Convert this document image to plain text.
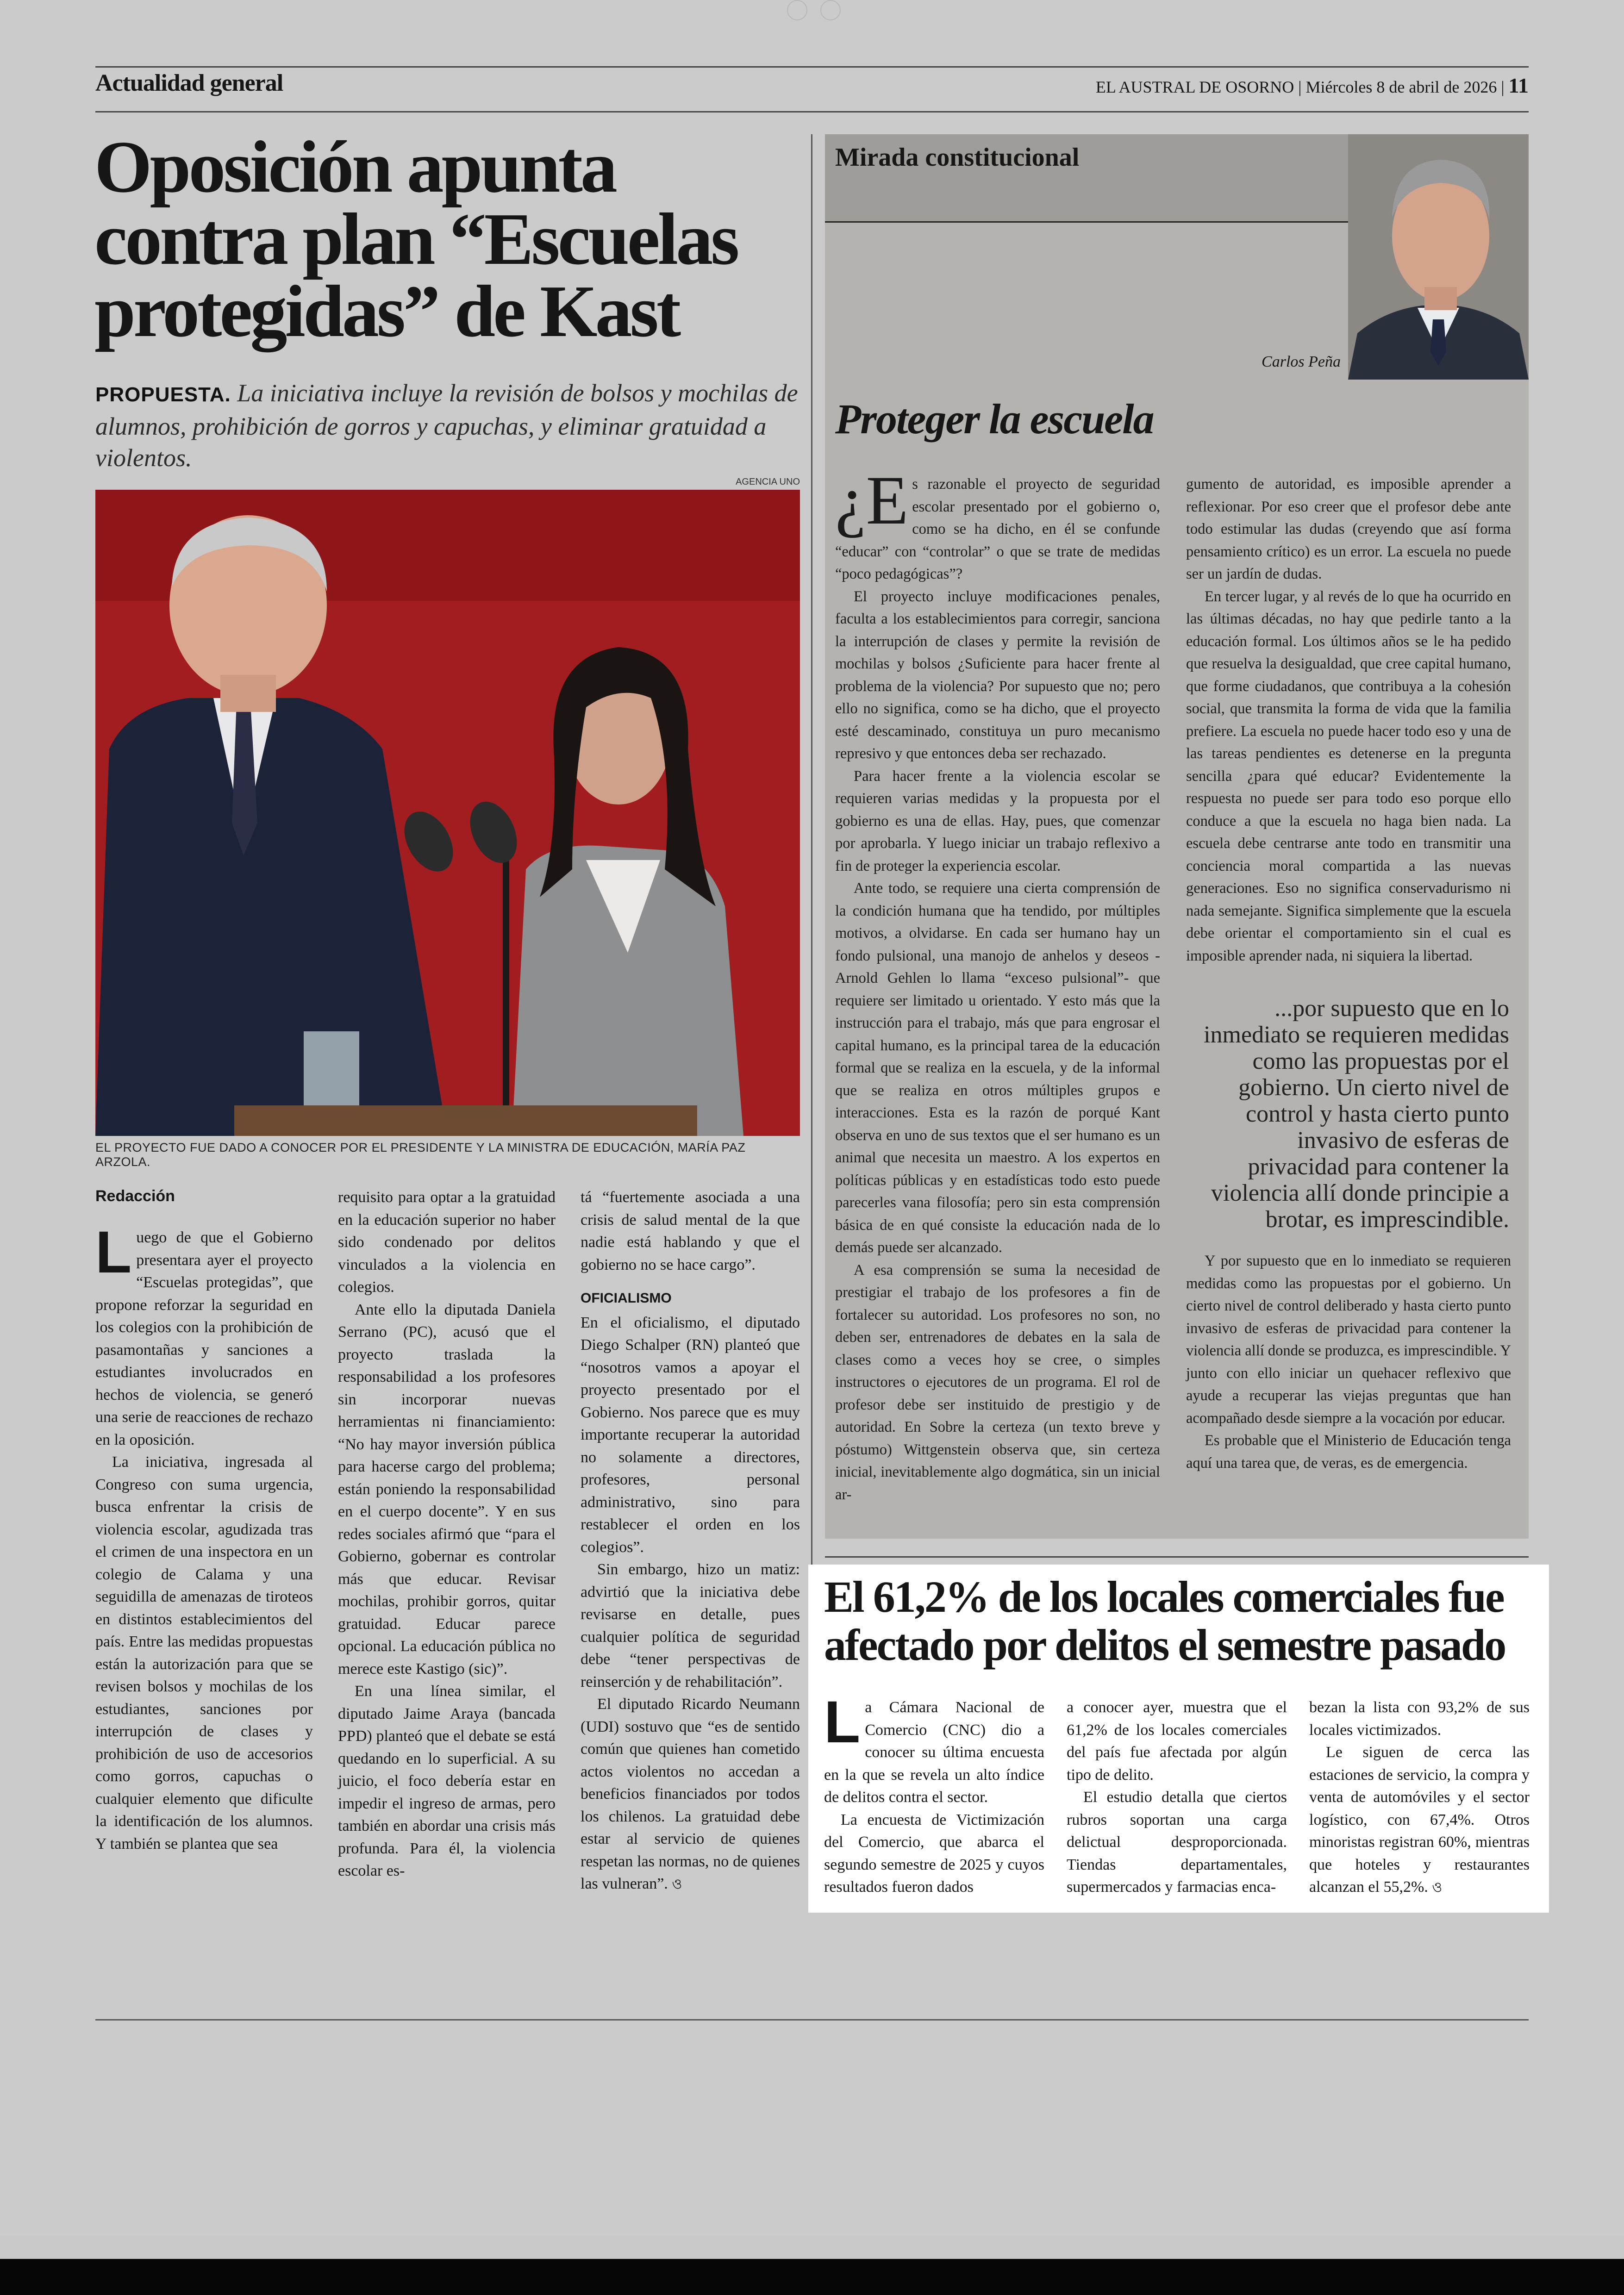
Actualidad general	EL AUSTRAL DE OSORNO | Miércoles 8 de abril de 2026 | 11
Oposición apunta contra plan “Escuelas protegidas” de Kast
PROPUESTA. La iniciativa incluye la revisión de bolsos y mochilas de alumnos, prohibición de gorros y capuchas, y eliminar gratuidad a violentos.
AGENCIA UNO
EL PROYECTO FUE DADO A CONOCER POR EL PRESIDENTE Y LA MINISTRA DE EDUCACIÓN, MARÍA PAZ ARZOLA.
Redacción

Luego de que el Gobierno presentara ayer el proyecto “Escuelas protegidas”, que propone reforzar la seguridad en los colegios con la prohibición de pasamontañas y sanciones a estudiantes involucrados en hechos de violencia, se generó una serie de reacciones de rechazo en la oposición.

La iniciativa, ingresada al Congreso con suma urgencia, busca enfrentar la crisis de violencia escolar, agudizada tras el crimen de una inspectora en un colegio de Calama y una seguidilla de amenazas de tiroteos en distintos establecimientos del país. Entre las medidas propuestas están la autorización para que se revisen bolsos y mochilas de los estudiantes, sanciones por interrupción de clases y prohibición de uso de accesorios como gorros, capuchas o cualquier elemento que dificulte la identificación de los alumnos. Y también se plantea que sea

requisito para optar a la gratuidad en la educación superior no haber sido condenado por delitos vinculados a la violencia en colegios.

Ante ello la diputada Daniela Serrano (PC), acusó que el proyecto traslada la responsabilidad a los profesores sin incorporar nuevas herramientas ni financiamiento: “No hay mayor inversión pública para hacerse cargo del problema; están poniendo la responsabilidad en el cuerpo docente”. Y en sus redes sociales afirmó que “para el Gobierno, gobernar es controlar más que educar. Revisar mochilas, prohibir gorros, quitar gratuidad. Educar parece opcional. La educación pública no merece este Kastigo (sic)”.

En una línea similar, el diputado Jaime Araya (bancada PPD) planteó que el debate se está quedando en lo superficial. A su juicio, el foco debería estar en impedir el ingreso de armas, pero también en abordar una crisis más profunda. Para él, la violencia escolar es-

tá “fuertemente asociada a una crisis de salud mental de la que nadie está hablando y que el gobierno no se hace cargo”.

OFICIALISMO

En el oficialismo, el diputado Diego Schalper (RN) planteó que “nosotros vamos a apoyar el proyecto presentado por el Gobierno. Nos parece que es muy importante recuperar la autoridad no solamente a directores, profesores, personal administrativo, sino para restablecer el orden en los colegios”.

Sin embargo, hizo un matiz: advirtió que la iniciativa debe revisarse en detalle, pues cualquier política de seguridad debe “tener perspectivas de reinserción y de rehabilitación”.

El diputado Ricardo Neumann (UDI) sostuvo que “es de sentido común que quienes han cometido actos violentos no accedan a beneficios financiados por todos los chilenos. La gratuidad debe estar al servicio de quienes respetan las normas, no de quienes las vulneran”. ও

Mirada constitucional
Carlos Peña
Proteger la escuela

¿E s razonable el proyecto de seguridad escolar presentado por el gobierno o, como se ha dicho, en él se confunde “educar” con “controlar” o que se trate de medidas “poco pedagógicas”?

El proyecto incluye modificaciones penales, faculta a los establecimientos para corregir, sanciona la interrupción de clases y permite la revisión de mochilas y bolsos ¿Suficiente para hacer frente al problema de la violencia? Por supuesto que no; pero ello no significa, como se ha dicho, que el proyecto esté descaminado, constituya un puro mecanismo represivo y que entonces deba ser rechazado.

Para hacer frente a la violencia escolar se requieren varias medidas y la propuesta por el gobierno es una de ellas. Hay, pues, que comenzar por aprobarla. Y luego iniciar un trabajo reflexivo a fin de proteger la experiencia escolar.

Ante todo, se requiere una cierta comprensión de la condición humana que ha tendido, por múltiples motivos, a olvidarse. En cada ser humano hay un fondo pulsional, una manojo de anhelos y deseos -Arnold Gehlen lo llama “exceso pulsional”- que requiere ser limitado u orientado. Y esto más que la instrucción para el trabajo, más que para engrosar el capital humano, es la principal tarea de la educación formal que se realiza en la escuela, y de la informal que se realiza en otros múltiples grupos e interacciones. Esta es la razón de porqué Kant observa en uno de sus textos que el ser humano es un animal que necesita un maestro. A los expertos en políticas públicas y en estadísticas todo esto puede parecerles vana filosofía; pero sin esta comprensión básica de en qué consiste la educación nada de lo demás puede ser alcanzado.

A esa comprensión se suma la necesidad de prestigiar el trabajo de los profesores a fin de fortalecer su autoridad. Los profesores no son, no deben ser, entrenadores de debates en la sala de clases como a veces hoy se cree, o simples instructores o ejecutores de un programa. El rol de profesor debe ser instituido de prestigio y de autoridad. En Sobre la certeza (un texto breve y póstumo) Wittgenstein observa que, sin certeza inicial, inevitablemente algo dogmática, sin un inicial ar-

gumento de autoridad, es imposible aprender a reflexionar. Por eso creer que el profesor debe ante todo estimular las dudas (creyendo que así forma pensamiento crítico) es un error. La escuela no puede ser un jardín de dudas.

En tercer lugar, y al revés de lo que ha ocurrido en las últimas décadas, no hay que pedirle tanto a la educación formal. Los últimos años se le ha pedido que resuelva la desigualdad, que cree capital humano, que forme ciudadanos, que contribuya a la cohesión social, que transmita la forma de vida que la familia prefiere. La escuela no puede hacer todo eso y una de las tareas pendientes es detenerse en la pregunta sencilla ¿para qué educar? Evidentemente la respuesta no puede ser para todo eso porque ello conduce a que la escuela no haga bien nada. La escuela debe centrarse ante todo en transmitir una conciencia moral compartida a las nuevas generaciones. Eso no significa conservadurismo ni nada semejante. Significa simplemente que la escuela debe orientar el comportamiento sin el cual es imposible aprender nada, ni siquiera la libertad.

...por supuesto que en lo inmediato se requieren medidas como las propuestas por el gobierno. Un cierto nivel de control y hasta cierto punto invasivo de esferas de privacidad para contener la violencia allí donde principie a brotar, es imprescindible.

Y por supuesto que en lo inmediato se requieren medidas como las propuestas por el gobierno. Un cierto nivel de control deliberado y hasta cierto punto invasivo de esferas de privacidad para contener la violencia allí donde se produzca, es imprescindible. Y junto con ello iniciar un quehacer reflexivo que ayude a recuperar las viejas preguntas que han acompañado desde siempre a la vocación por educar.

Es probable que el Ministerio de Educación tenga aquí una tarea que, de veras, es de emergencia.

El 61,2% de los locales comerciales fue afectado por delitos el semestre pasado

La Cámara Nacional de Comercio (CNC) dio a conocer su última encuesta en la que se revela un alto índice de delitos contra el sector.

La encuesta de Victimización del Comercio, que abarca el segundo semestre de 2025 y cuyos resultados fueron dados

a conocer ayer, muestra que el 61,2% de los locales comerciales del país fue afectada por algún tipo de delito.

El estudio detalla que ciertos rubros soportan una carga delictual desproporcionada. Tiendas departamentales, supermercados y farmacias enca-

bezan la lista con 93,2% de sus locales victimizados.

Le siguen de cerca las estaciones de servicio, la compra y venta de automóviles y el sector logístico, con 67,4%. Otros minoristas registran 60%, mientras que hoteles y restaurantes alcanzan el 55,2%. ও
